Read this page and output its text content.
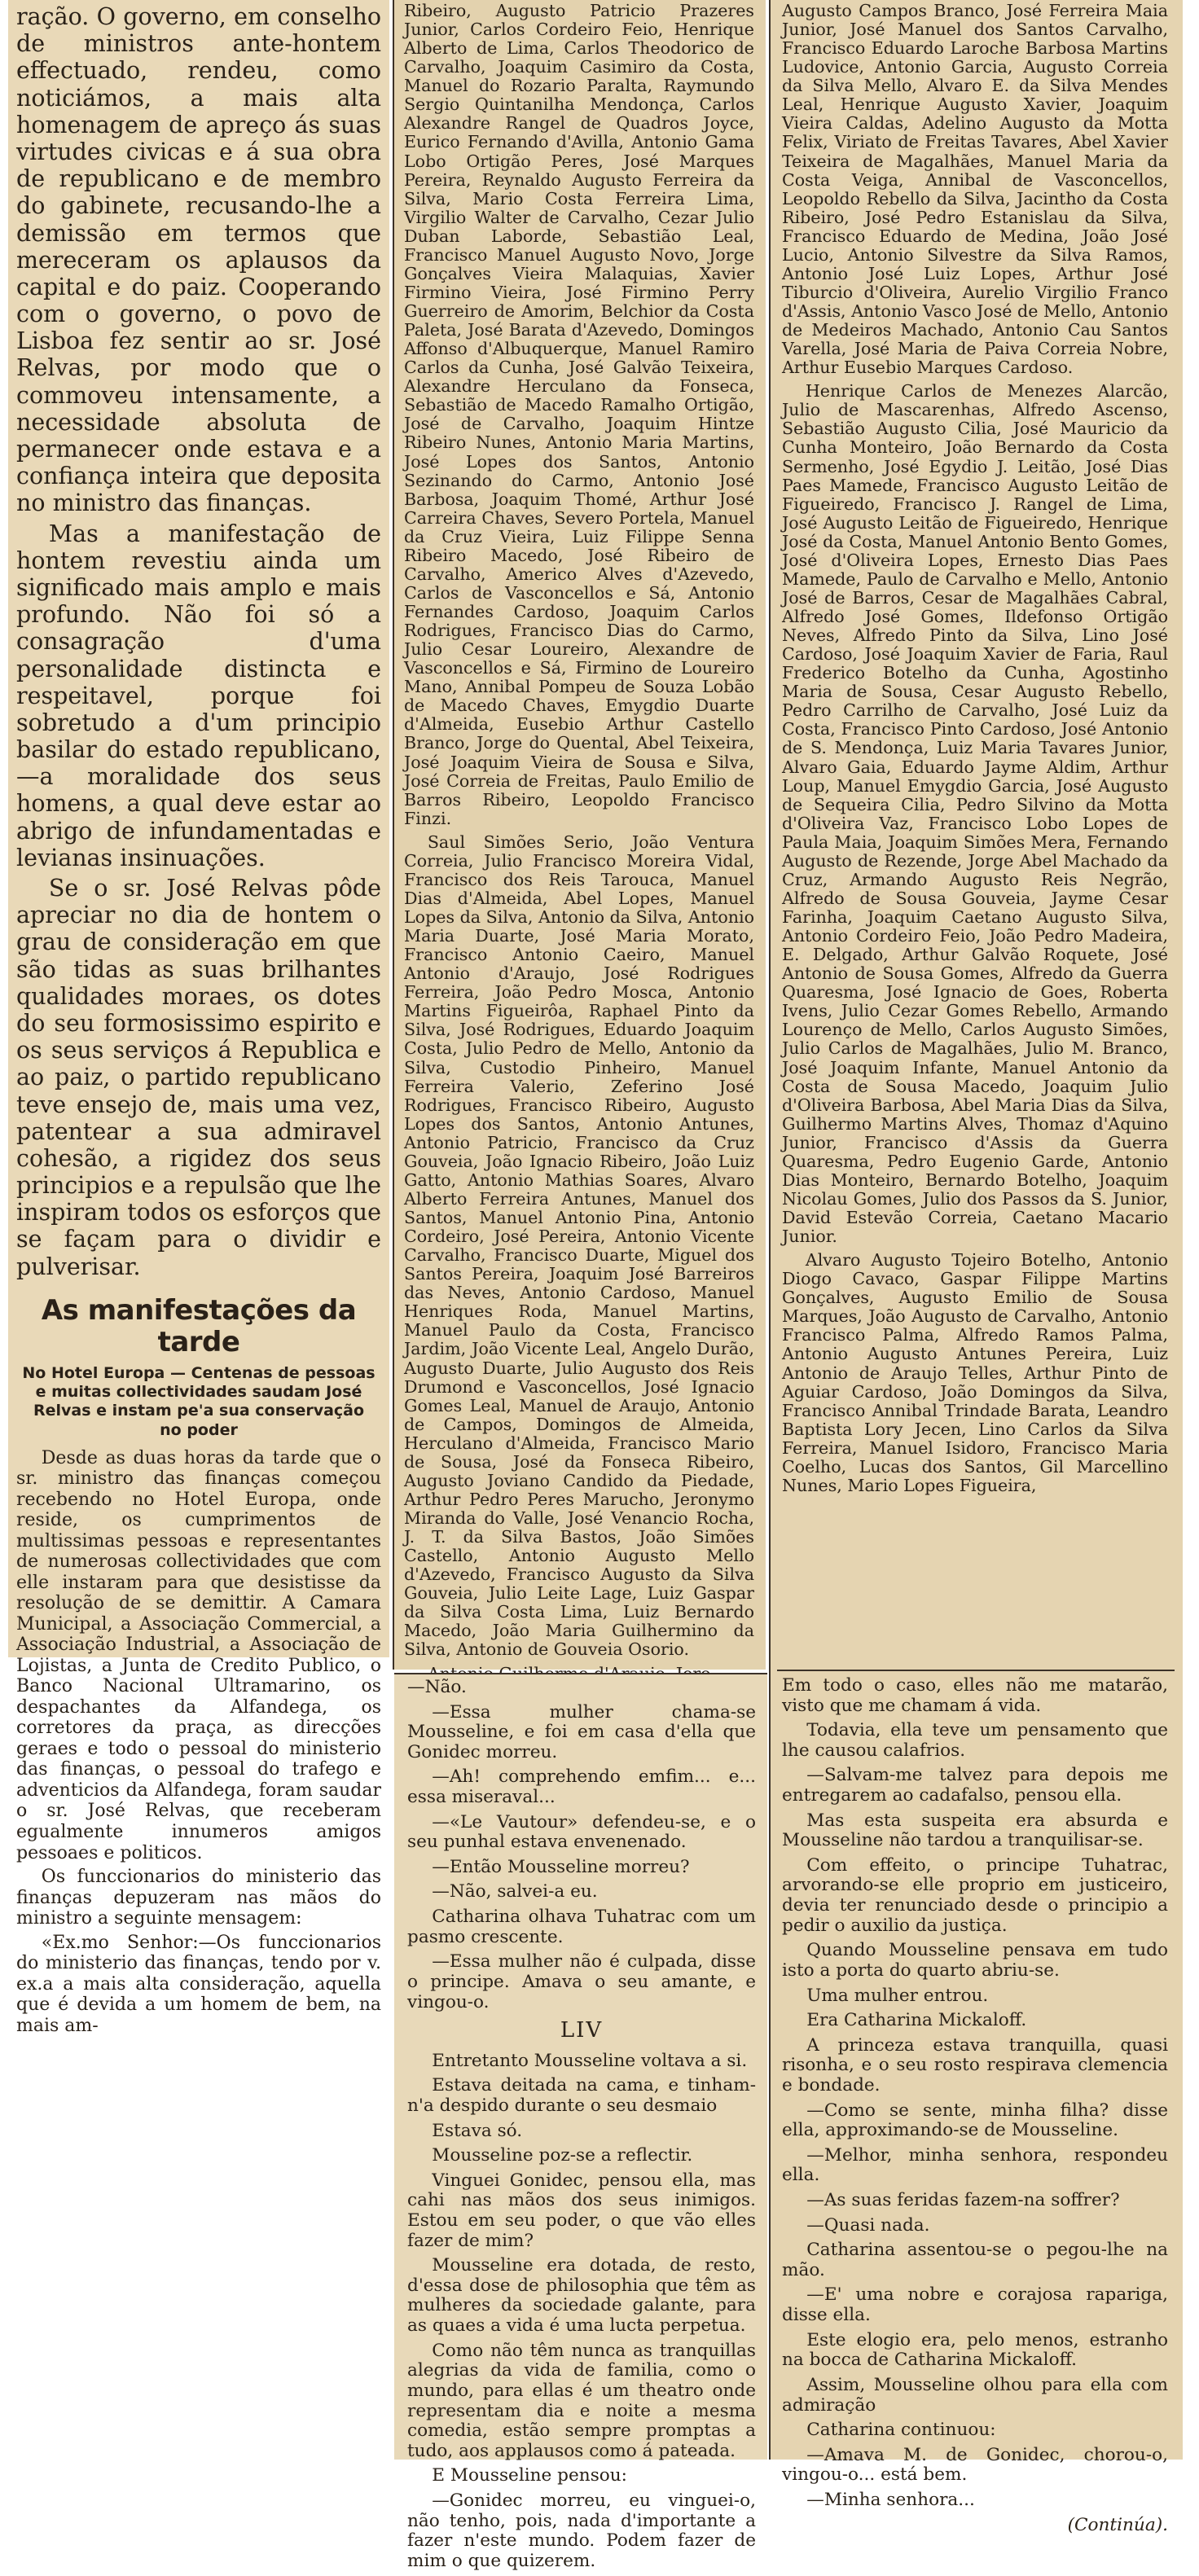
ração. O governo, em conselho de ministros ante-hontem effectuado, rendeu, como noticiámos, a mais alta homenagem de apreço ás suas virtudes civicas e á sua obra de republicano e de membro do gabinete, recusando-lhe a demissão em termos que mereceram os aplausos da capital e do paiz. Cooperando com o governo, o povo de Lisboa fez sentir ao sr. José Relvas, por modo que o commoveu intensamente, a necessidade absoluta de permanecer onde estava e a confiança inteira que deposita no ministro das finanças.

Mas a manifestação de hontem revestiu ainda um significado mais amplo e mais profundo. Não foi só a consagração d'uma personalidade distincta e respeitavel, porque foi sobretudo a d'um principio basilar do estado republicano,—a moralidade dos seus homens, a qual deve estar ao abrigo de infundamentadas e levianas insinuações.

Se o sr. José Relvas pôde apreciar no dia de hontem o grau de consideração em que são tidas as suas brilhantes qualidades moraes, os dotes do seu formosissimo espirito e os seus serviços á Republica e ao paiz, o partido republicano teve ensejo de, mais uma vez, patentear a sua admiravel cohesão, a rigidez dos seus principios e a repulsão que lhe inspiram todos os esforços que se façam para o dividir e pulverisar.

As manifestações da tarde
No Hotel Europa — Centenas de pessoas e muitas collectividades saudam José Relvas e instam pe'a sua conservação no poder

Desde as duas horas da tarde que o sr. ministro das finanças começou recebendo no Hotel Europa, onde reside, os cumprimentos de multissimas pessoas e representantes de numerosas collectividades que com elle instaram para que desistisse da resolução de se demittir. A Camara Municipal, a Associação Commercial, a Associação Industrial, a Associação de Lojistas, a Junta de Credito Publico, o Banco Nacional Ultramarino, os despachantes da Alfandega, os corretores da praça, as direcções geraes e todo o pessoal do ministerio das finanças, o pessoal do trafego e adventicios da Alfandega, foram saudar o sr. José Relvas, que receberam egualmente innumeros amigos pessoaes e politicos.

Os funccionarios do ministerio das finanças depuzeram nas mãos do ministro a seguinte mensagem:

«Ex.mo Senhor:—Os funccionarios do ministerio das finanças, tendo por v. ex.a a mais alta consideração, aquella que é devida a um homem de bem, na mais am-

Ribeiro, Augusto Patricio Prazeres Junior, Carlos Cordeiro Feio, Henrique Alberto de Lima, Carlos Theodorico de Carvalho, Joaquim Casimiro da Costa, Manuel do Rozario Paralta, Raymundo Sergio Quintanilha Mendonça, Carlos Alexandre Rangel de Quadros Joyce, Eurico Fernando d'Avilla, Antonio Gama Lobo Ortigão Peres, José Marques Pereira, Reynaldo Augusto Ferreira da Silva, Mario Costa Ferreira Lima, Virgilio Walter de Carvalho, Cezar Julio Duban Laborde, Sebastião Leal, Francisco Manuel Augusto Novo, Jorge Gonçalves Vieira Malaquias, Xavier Firmino Vieira, José Firmino Perry Guerreiro de Amorim, Belchior da Costa Paleta, José Barata d'Azevedo, Domingos Affonso d'Albuquerque, Manuel Ramiro Carlos da Cunha, José Galvão Teixeira, Alexandre Herculano da Fonseca, Sebastião de Macedo Ramalho Ortigão, José de Carvalho, Joaquim Hintze Ribeiro Nunes, Antonio Maria Martins, José Lopes dos Santos, Antonio Sezinando do Carmo, Antonio José Barbosa, Joaquim Thomé, Arthur José Carreira Chaves, Severo Portela, Manuel da Cruz Vieira, Luiz Filippe Senna Ribeiro Macedo, José Ribeiro de Carvalho, Americo Alves d'Azevedo, Carlos de Vasconcellos e Sá, Antonio Fernandes Cardoso, Joaquim Carlos Rodrigues, Francisco Dias do Carmo, Julio Cesar Loureiro, Alexandre de Vasconcellos e Sá, Firmino de Loureiro Mano, Annibal Pompeu de Souza Lobão de Macedo Chaves, Emygdio Duarte d'Almeida, Eusebio Arthur Castello Branco, Jorge do Quental, Abel Teixeira, José Joaquim Vieira de Sousa e Silva, José Correia de Freitas, Paulo Emilio de Barros Ribeiro, Leopoldo Francisco Finzi.

Saul Simões Serio, João Ventura Correia, Julio Francisco Moreira Vidal, Francisco dos Reis Tarouca, Manuel Dias d'Almeida, Abel Lopes, Manuel Lopes da Silva, Antonio da Silva, Antonio Maria Duarte, José Maria Morato, Francisco Antonio Caeiro, Manuel Antonio d'Araujo, José Rodrigues Ferreira, João Pedro Mosca, Antonio Martins Figueirôa, Raphael Pinto da Silva, José Rodrigues, Eduardo Joaquim Costa, Julio Pedro de Mello, Antonio da Silva, Custodio Pinheiro, Manuel Ferreira Valerio, Zeferino José Rodrigues, Francisco Ribeiro, Augusto Lopes dos Santos, Antonio Antunes, Antonio Patricio, Francisco da Cruz Gouveia, João Ignacio Ribeiro, João Luiz Gatto, Antonio Mathias Soares, Alvaro Alberto Ferreira Antunes, Manuel dos Santos, Manuel Antonio Pina, Antonio Cordeiro, José Pereira, Antonio Vicente Carvalho, Francisco Duarte, Miguel dos Santos Pereira, Joaquim José Barreiros das Neves, Antonio Cardoso, Manuel Henriques Roda, Manuel Martins, Manuel Paulo da Costa, Francisco Jardim, João Vicente Leal, Angelo Durão, Augusto Duarte, Julio Augusto dos Reis Drumond e Vasconcellos, José Ignacio Gomes Leal, Manuel de Araujo, Antonio de Campos, Domingos de Almeida, Herculano d'Almeida, Francisco Mario de Sousa, José da Fonseca Ribeiro, Augusto Joviano Candido da Piedade, Arthur Pedro Peres Marucho, Jeronymo Miranda do Valle, José Venancio Rocha, J. T. da Silva Bastos, João Simões Castello, Antonio Augusto Mello d'Azevedo, Francisco Augusto da Silva Gouveia, Julio Leite Lage, Luiz Gaspar da Silva Costa Lima, Luiz Bernardo Macedo, João Maria Guilhermino da Silva, Antonio de Gouveia Osorio.

Augusto Campos Branco, José Ferreira Maia Junior, José Manuel dos Santos Carvalho, Francisco Eduardo Laroche Barbosa Martins Ludovice, Antonio Garcia, Augusto Correia da Silva Mello, Alvaro E. da Silva Mendes Leal, Henrique Augusto Xavier, Joaquim Vieira Caldas, Adelino Augusto da Motta Felix, Viriato de Freitas Tavares, Abel Xavier Teixeira de Magalhães, Manuel Maria da Costa Veiga, Annibal de Vasconcellos, Leopoldo Rebello da Silva, Jacintho da Costa Ribeiro, José Pedro Estanislau da Silva, Francisco Eduardo de Medina, João José Lucio, Antonio Silvestre da Silva Ramos, Antonio José Luiz Lopes, Arthur José Tiburcio d'Oliveira, Aurelio Virgilio Franco d'Assis, Antonio Vasco José de Mello, Antonio de Medeiros Machado, Antonio Cau Santos Varella, José Maria de Paiva Correia Nobre, Arthur Eusebio Marques Cardoso.

Henrique Carlos de Menezes Alarcão, Julio de Mascarenhas, Alfredo Ascenso, Sebastião Augusto Cilia, José Mauricio da Cunha Monteiro, João Bernardo da Costa Sermenho, José Egydio J. Leitão, José Dias Paes Mamede, Francisco Augusto Leitão de Figueiredo, Francisco J. Rangel de Lima, José Augusto Leitão de Figueiredo, Henrique José da Costa, Manuel Antonio Bento Gomes, José d'Oliveira Lopes, Ernesto Dias Paes Mamede, Paulo de Carvalho e Mello, Antonio José de Barros, Cesar de Magalhães Cabral, Alfredo José Gomes, Ildefonso Ortigão Neves, Alfredo Pinto da Silva, Lino José Cardoso, José Joaquim Xavier de Faria, Raul Frederico Botelho da Cunha, Agostinho Maria de Sousa, Cesar Augusto Rebello, Pedro Carrilho de Carvalho, José Luiz da Costa, Francisco Pinto Cardoso, José Antonio de S. Mendonça, Luiz Maria Tavares Junior, Alvaro Gaia, Eduardo Jayme Aldim, Arthur Loup, Manuel Emygdio Garcia, José Augusto de Sequeira Cilia, Pedro Silvino da Motta d'Oliveira Vaz, Francisco Lobo Lopes de Paula Maia, Joaquim Simões Mera, Fernando Augusto de Rezende, Jorge Abel Machado da Cruz, Armando Augusto Reis Negrão, Alfredo de Sousa Gouveia, Jayme Cesar Farinha, Joaquim Caetano Augusto Silva, Antonio Cordeiro Feio, João Pedro Madeira, E. Delgado, Arthur Galvão Roquete, José Antonio de Sousa Gomes, Alfredo da Guerra Quaresma, José Ignacio de Goes, Roberta Ivens, Julio Cezar Gomes Rebello, Armando Lourenço de Mello, Carlos Augusto Simões, Julio Carlos de Magalhães, Julio M. Branco, José Joaquim Infante, Manuel Antonio da Costa de Sousa Macedo, Joaquim Julio d'Oliveira Barbosa, Abel Maria Dias da Silva, Guilhermo Martins Alves, Thomaz d'Aquino Junior, Francisco d'Assis da Guerra Quaresma, Pedro Eugenio Garde, Antonio Dias Monteiro, Bernardo Botelho, Joaquim Nicolau Gomes, Julio dos Passos da S. Junior, David Estevão Correia, Caetano Macario Junior.

Alvaro Augusto Tojeiro Botelho, Antonio Diogo Cavaco, Gaspar Filippe Martins Gonçalves, Augusto Emilio de Sousa Marques, João Augusto de Carvalho, Antonio Francisco Palma, Alfredo Ramos Palma, Antonio Augusto Antunes Pereira, Luiz Antonio de Araujo Telles, Arthur Pinto de Aguiar Cardoso, João Domingos da Silva, Francisco Annibal Trindade Barata, Leandro Baptista Lory Jecen, Lino Carlos da Silva Ferreira, Manuel Isidoro, Francisco Maria Coelho, Lucas dos Santos, Gil Marcellino Nunes, Mario Lopes Figueira,

Em todo o caso, elles não me matarão, visto que me chamam á vida.

Todavia, ella teve um pensamento que lhe causou calafrios.

—Salvam-me talvez para depois me entregarem ao cadafalso, pensou ella.

Mas esta suspeita era absurda e Mousseline não tardou a tranquilisar-se.

Com effeito, o principe Tuhatrac, arvorando-se elle proprio em justiceiro, devia ter renunciado desde o principio a pedir o auxilio da justiça.

Quando Mousseline pensava em tudo isto a porta do quarto abriu-se.

Uma mulher entrou.

Era Catharina Mickaloff.

A princeza estava tranquilla, quasi risonha, e o seu rosto respirava clemencia e bondade.

—Como se sente, minha filha? disse ella, approximando-se de Mousseline.

—Melhor, minha senhora, respondeu ella.

—As suas feridas fazem-na soffrer?

—Quasi nada.

Catharina assentou-se o pegou-lhe na mão.

—E' uma nobre e corajosa rapariga, disse ella.

Este elogio era, pelo menos, estranho na bocca de Catharina Mickaloff.

Assim, Mousseline olhou para ella com admiração

Catharina continuou:

—Amava M. de Gonidec, chorou-o, vingou-o... está bem.

—Minha senhora...

(Continúa).

—Não.

—Essa mulher chama-se Mousseline, e foi em casa d'ella que Gonidec morreu.

—Ah! comprehendo emfim... e... essa miseraval...

—«Le Vautour» defendeu-se, e o seu punhal estava envenenado.

—Então Mousseline morreu?

—Não, salvei-a eu.

Catharina olhava Tuhatrac com um pasmo crescente.

—Essa mulher não é culpada, disse o principe. Amava o seu amante, e vingou-o.

LIV

Entretanto Mousseline voltava a si.

Estava deitada na cama, e tinham-n'a despido durante o seu desmaio

Estava só.

Mousseline poz-se a reflectir.

Vinguei Gonidec, pensou ella, mas cahi nas mãos dos seus inimigos. Estou em seu poder, o que vão elles fazer de mim?

Mousseline era dotada, de resto, d'essa dose de philosophia que têm as mulheres da sociedade galante, para as quaes a vida é uma lucta perpetua.

Como não têm nunca as tranquillas alegrias da vida de familia, como o mundo, para ellas é um theatro onde representam dia e noite a mesma comedia, estão sempre promptas a tudo, aos applausos como á pateada.

E Mousseline pensou:

—Gonidec morreu, eu vinguei-o, não tenho, pois, nada d'importante a fazer n'este mundo. Podem fazer de mim o que quizerem.
